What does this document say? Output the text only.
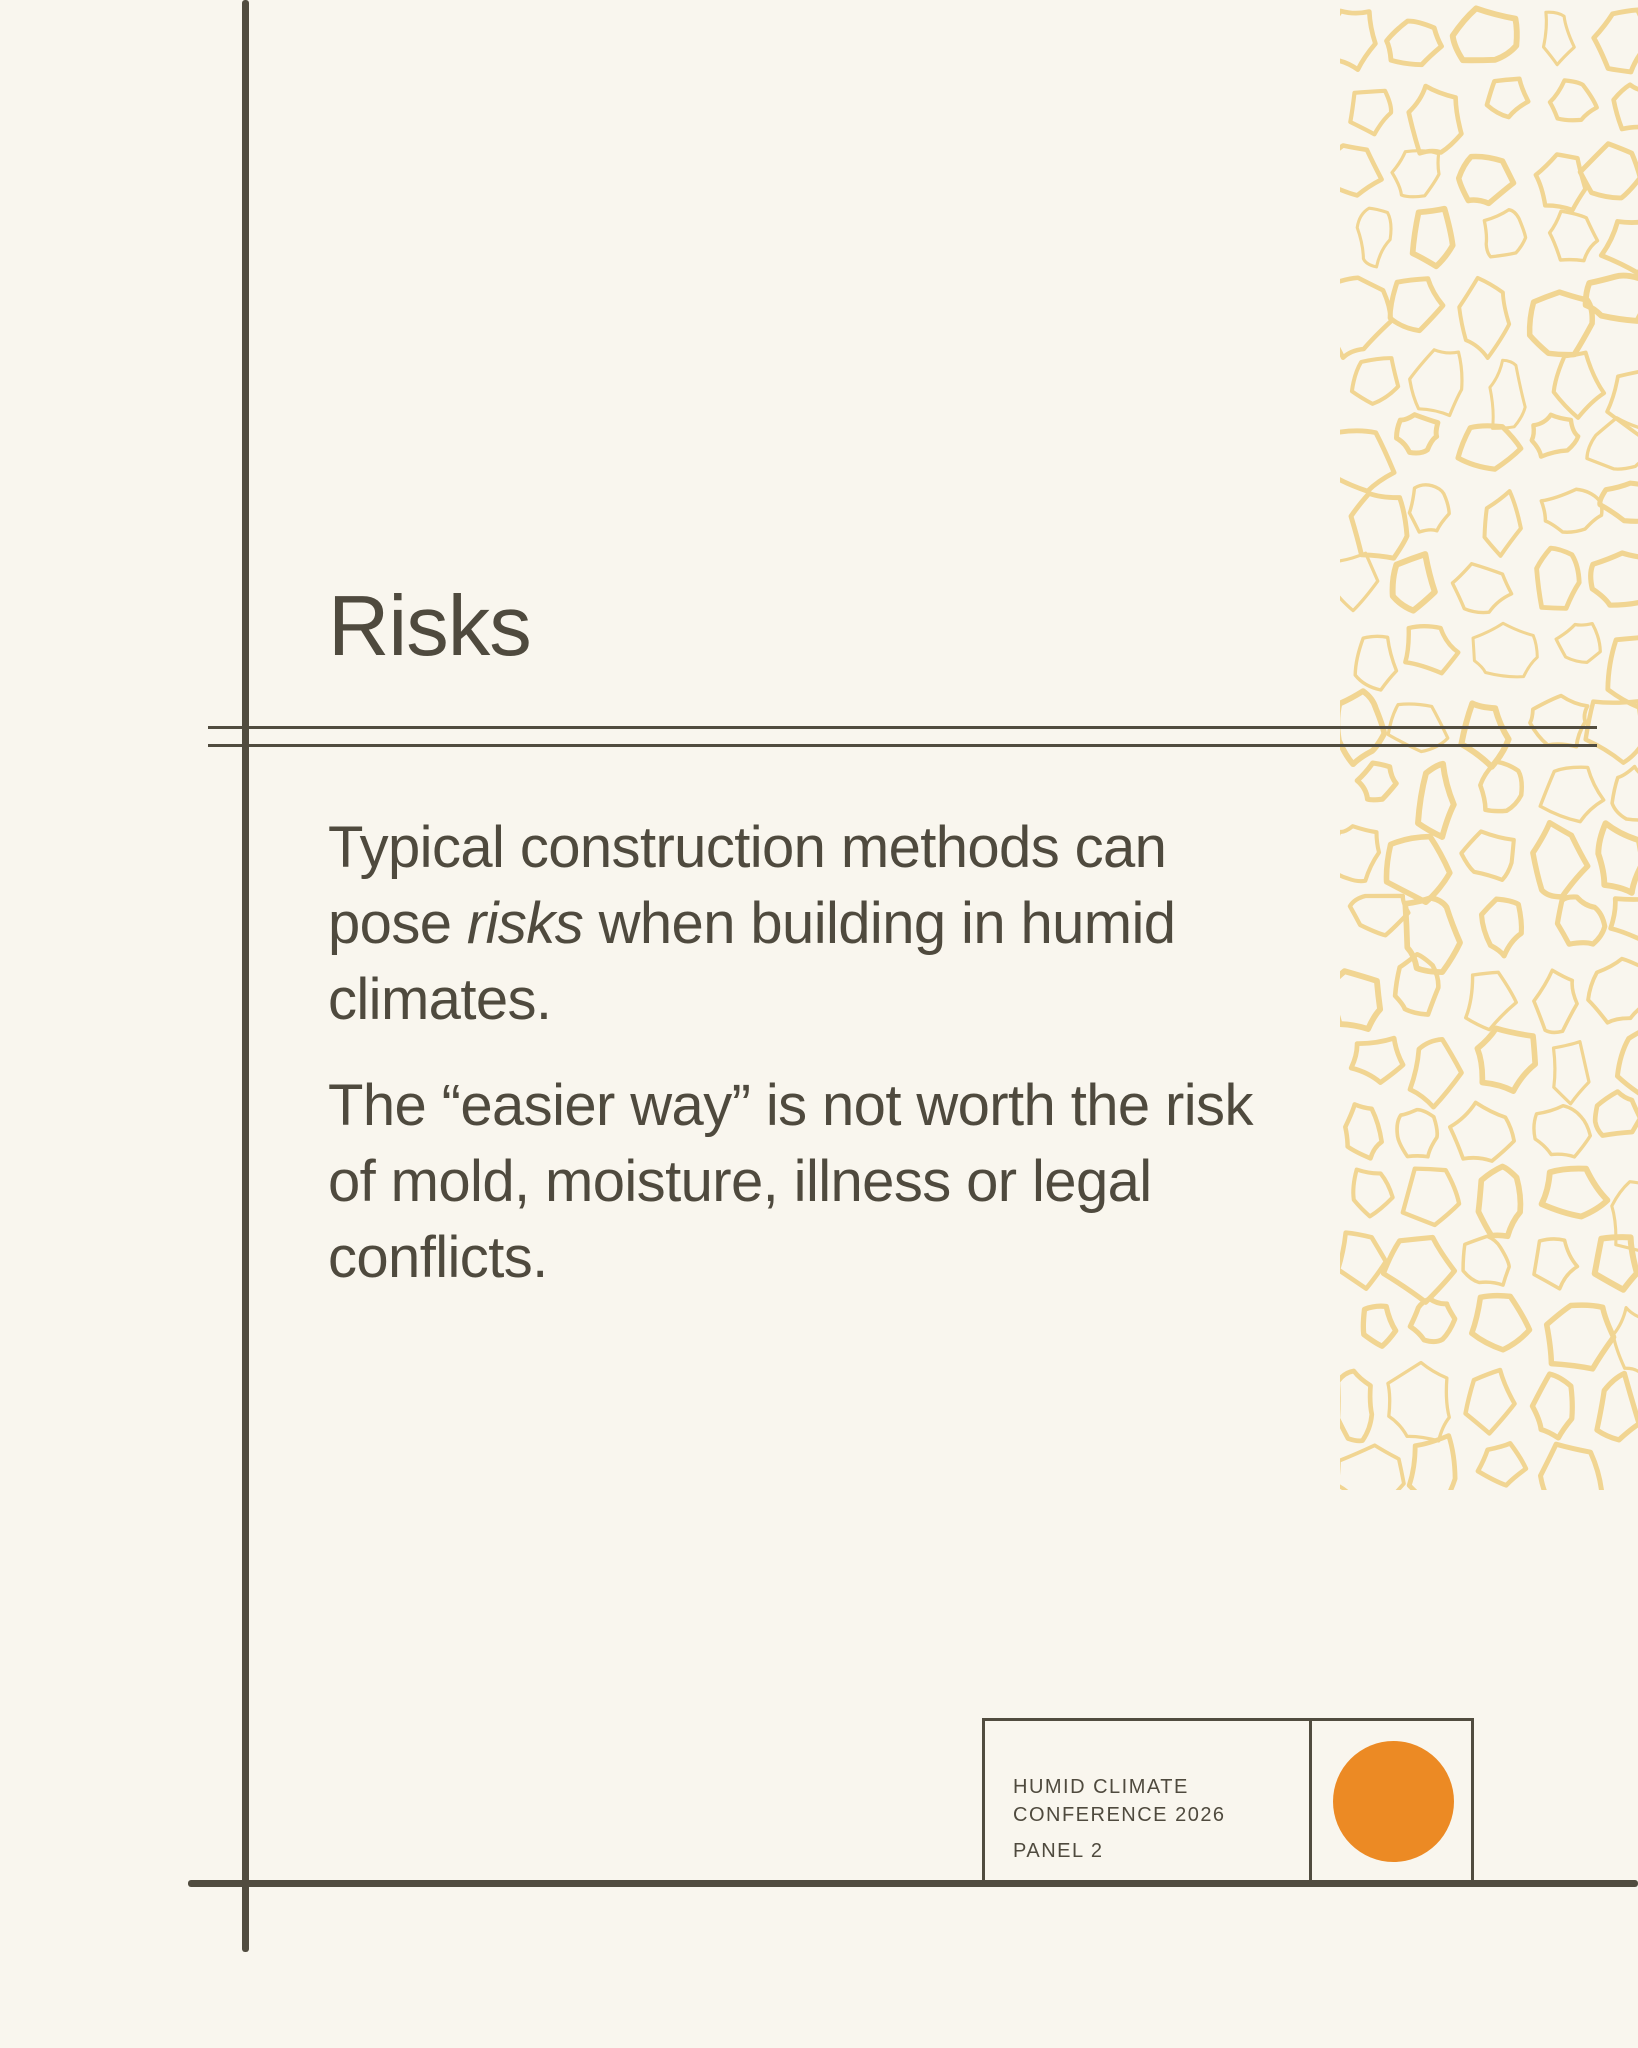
Risks

Typical construction methods can pose risks when building in humid climates.

The “easier way” is not worth the risk of mold, moisture, illness or legal conflicts.

HUMID CLIMATE
CONFERENCE 2026
PANEL 2
